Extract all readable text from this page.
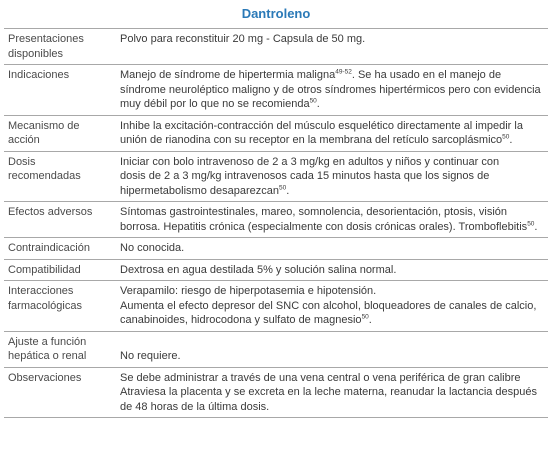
Dantroleno
Presentaciones
disponibles	Polvo para reconstituir 20 mg - Capsula de 50 mg.

Indicaciones	Manejo de síndrome de hipertermia maligna$^{49-52}$. Se ha usado en el manejo de
síndrome neuroléptico maligno y de otros síndromes hipertérmicos pero con evidencia
muy débil por lo que no se recomienda$^{50}$.

Mecanismo de
acción	Inhibe la excitación-contracción del músculo esquelético directamente al impedir la
unión de rianodina con su receptor en la membrana del retículo sarcoplásmico$^{50}$.

Dosis
recomendadas	Iniciar con bolo intravenoso de 2 a 3 mg/kg en adultos y niños y continuar con
dosis de 2 a 3 mg/kg intravenosos cada 15 minutos hasta que los signos de
hipermetabolismo desaparezcan$^{50}$.

Efectos adversos	Síntomas gastrointestinales, mareo, somnolencia, desorientación, ptosis, visión
borrosa. Hepatitis crónica (especialmente con dosis crónicas orales). Tromboflebitis$^{50}$.

Contraindicación	No conocida.

Compatibilidad	Dextrosa en agua destilada 5% y solución salina normal.

Interacciones
farmacológicas	Verapamilo: riesgo de hiperpotasemia e hipotensión.
Aumenta el efecto depresor del SNC con alcohol, bloqueadores de canales de calcio,
canabinoides, hidrocodona y sulfato de magnesio$^{50}$.

Ajuste a función
hepática o renal	No requiere.

Observaciones	Se debe administrar a través de una vena central o vena periférica de gran calibre
Atraviesa la placenta y se excreta en la leche materna, reanudar la lactancia después
de 48 horas de la última dosis.
